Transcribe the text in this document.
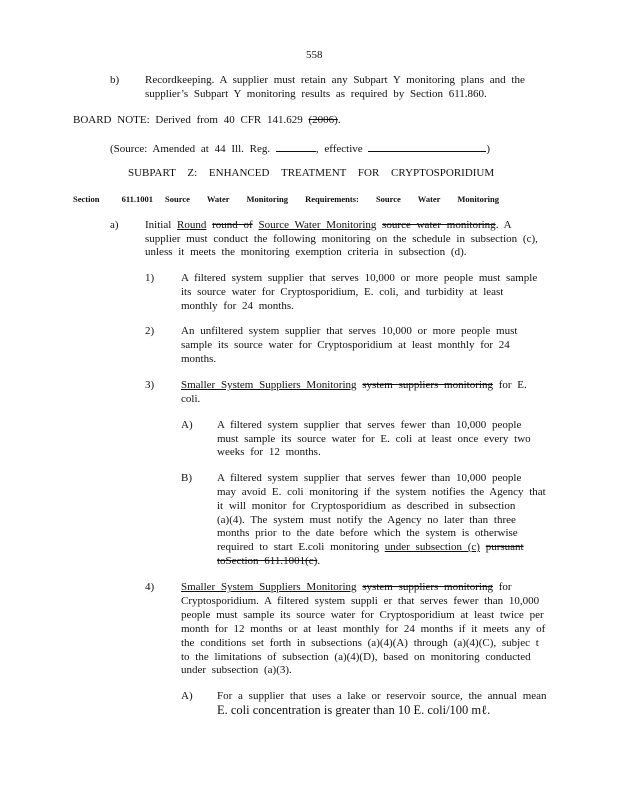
558
b) Recordkeeping. A supplier must retain any Subpart Y monitoring plans and the
supplier’s Subpart Y monitoring results as required by Section 611.860.
BOARD NOTE: Derived from 40 CFR 141.629 (2006).
(Source: Amended at 44 Ill. Reg.	, effective	)
SUBPART Z: ENHANCED TREATMENT FOR CRYPTOSPORIDIUM
Section 611.1001 Source Water Monitoring Requirements: Source Water Monitoring
a) Initial Round round of Source Water Monitoring source water monitoring. A
supplier must conduct the following monitoring on the schedule in subsection (c),
unless it meets the monitoring exemption criteria in subsection (d).
1) A filtered system supplier that serves 10,000 or more people must sample
its source water for Cryptosporidium, E. coli, and turbidity at least
monthly for 24 months.
2) An unfiltered system supplier that serves 10,000 or more people must
sample its source water for Cryptosporidium at least monthly for 24
months.
3) Smaller System Suppliers Monitoring system suppliers monitoring for E.
coli.
A) A filtered system supplier that serves fewer than 10,000 people
must sample its source water for E. coli at least once every two
weeks for 12 months.
B) A filtered system supplier that serves fewer than 10,000 people
may avoid E. coli monitoring if the system notifies the Agency that
it will monitor for Cryptosporidium as described in subsection
(a)(4). The system must notify the Agency no later than three
months prior to the date before which the system is otherwise
required to start E.coli monitoring under subsection (c) pursuant
toSection 611.1001(c).
4) Smaller System Suppliers Monitoring system suppliers monitoring for
Cryptosporidium. A filtered system suppli er that serves fewer than 10,000
people must sample its source water for Cryptosporidium at least twice per
month for 12 months or at least monthly for 24 months if it meets any of
the conditions set forth in subsections (a)(4)(A) through (a)(4)(C), subjec t
to the limitations of subsection (a)(4)(D), based on monitoring conducted
under subsection (a)(3).
A) For a supplier that uses a lake or reservoir source, the annual mean
E. coli concentration is greater than 10 E. coli/100 mℓ.
